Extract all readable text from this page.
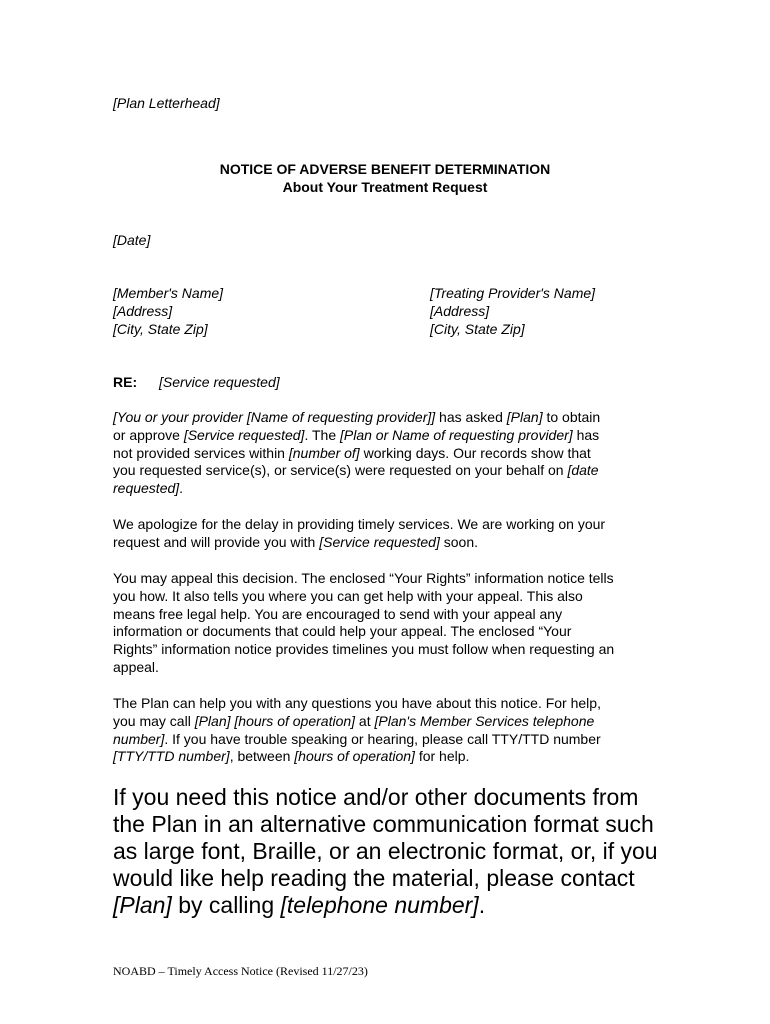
[Plan Letterhead]
NOTICE OF ADVERSE BENEFIT DETERMINATION
About Your Treatment Request
[Date]
[Member's Name]
[Address]
[City, State Zip]
[Treating Provider's Name]
[Address]
[City, State Zip]
RE: [Service requested]
[You or your provider [Name of requesting provider]] has asked [Plan] to obtain
or approve [Service requested]. The [Plan or Name of requesting provider] has
not provided services within [number of] working days. Our records show that
you requested service(s), or service(s) were requested on your behalf on [date
requested].
We apologize for the delay in providing timely services. We are working on your
request and will provide you with [Service requested] soon.
You may appeal this decision. The enclosed “Your Rights” information notice tells
you how. It also tells you where you can get help with your appeal. This also
means free legal help. You are encouraged to send with your appeal any
information or documents that could help your appeal. The enclosed “Your
Rights” information notice provides timelines you must follow when requesting an
appeal.
The Plan can help you with any questions you have about this notice. For help,
you may call [Plan] [hours of operation] at [Plan's Member Services telephone
number]. If you have trouble speaking or hearing, please call TTY/TTD number
[TTY/TTD number], between [hours of operation] for help.
If you need this notice and/or other documents from
the Plan in an alternative communication format such
as large font, Braille, or an electronic format, or, if you
would like help reading the material, please contact
[Plan] by calling [telephone number].
NOABD – Timely Access Notice (Revised 11/27/23)
